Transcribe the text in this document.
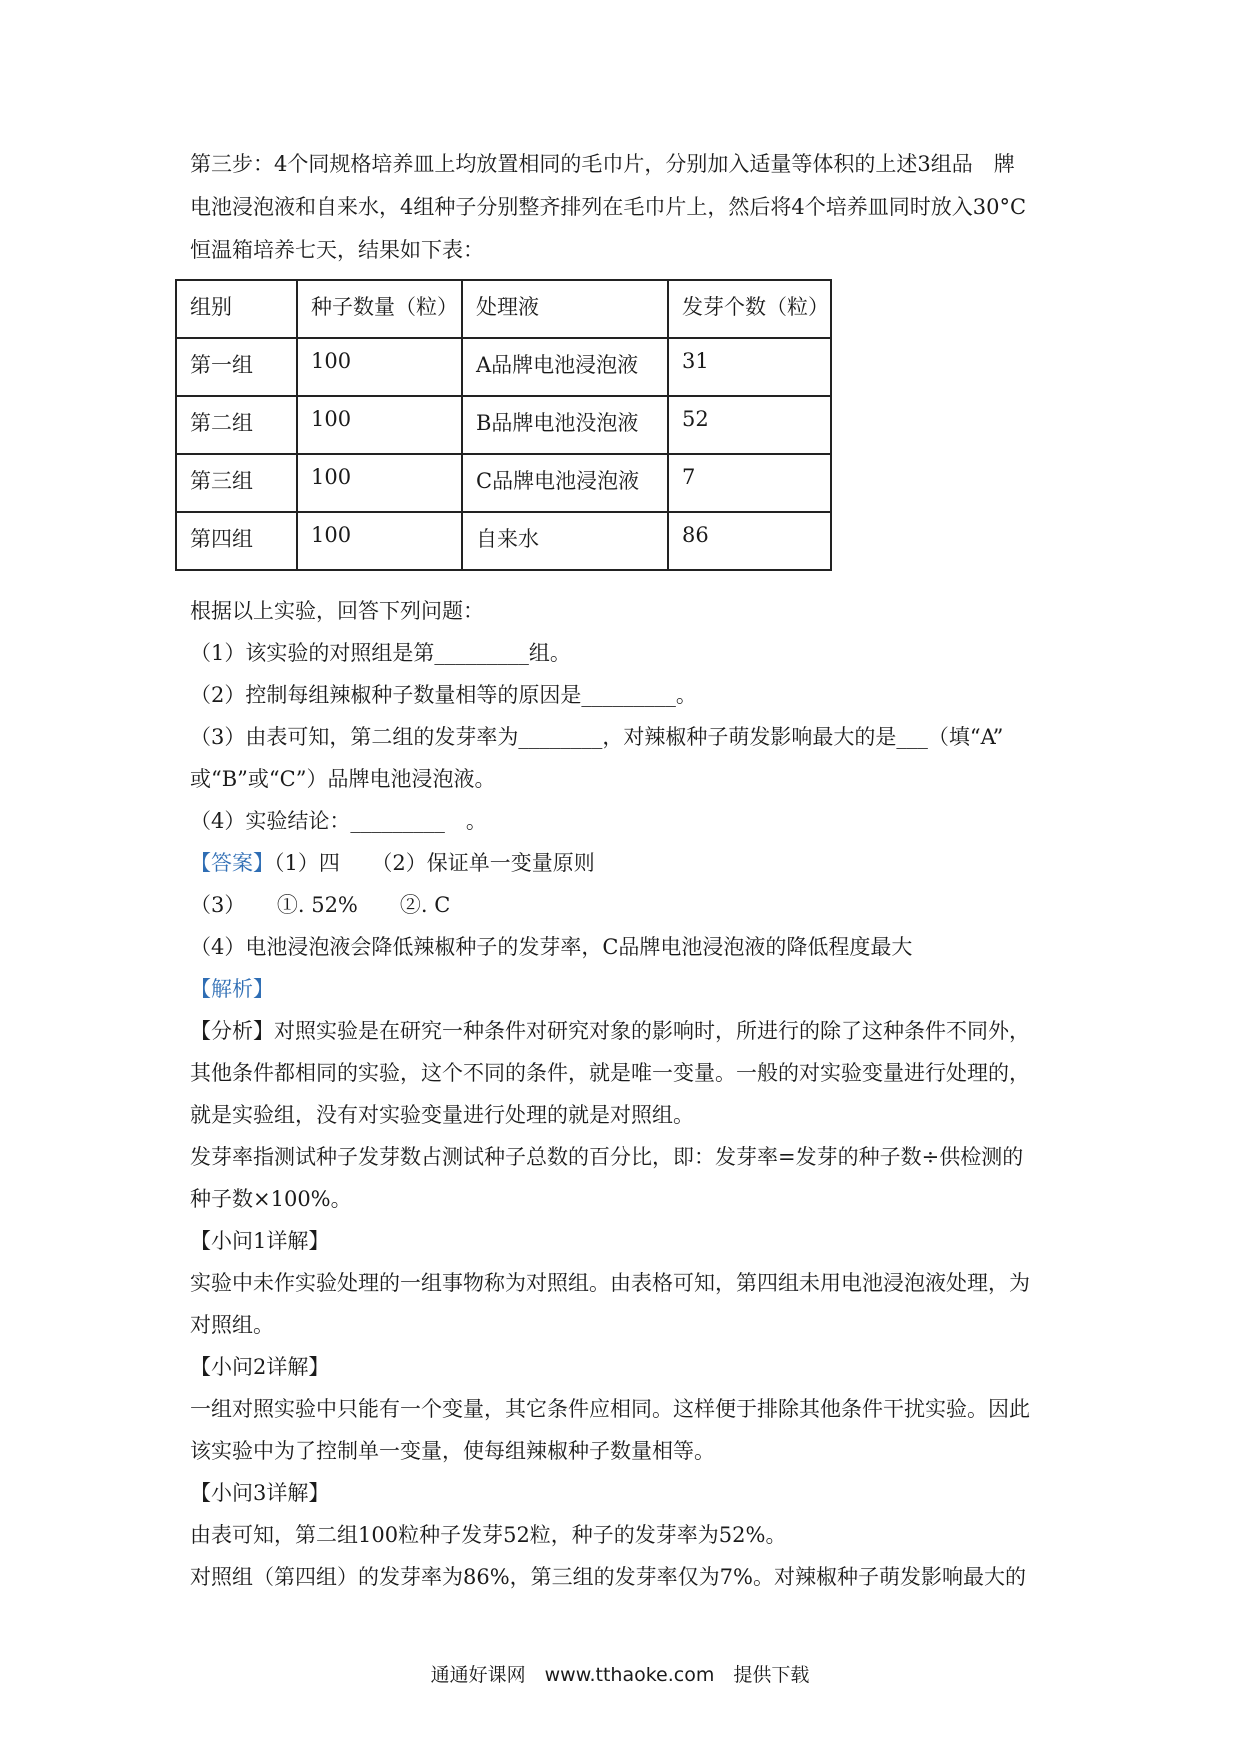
第三步：4个同规格培养皿上均放置相同的毛巾片，分别加入适量等体积的上述3组品　牌
电池浸泡液和自来水，4组种子分别整齐排列在毛巾片上，然后将4个培养皿同时放入30°C
恒温箱培养七天，结果如下表：
组别	种子数量（粒）	处理液	发芽个数（粒）
第一组	100	A品牌电池浸泡液	31
第二组	100	B品牌电池没泡液	52
第三组	100	C品牌电池浸泡液	7
第四组	100	自来水	86
根据以上实验，回答下列问题：
（1）该实验的对照组是第_________组。
（2）控制每组辣椒种子数量相等的原因是_________。
（3）由表可知，第二组的发芽率为________，对辣椒种子萌发影响最大的是___（填“A”
或“B”或“C”）品牌电池浸泡液。
（4）实验结论：_________　。
【答案】（1）四　　（2）保证单一变量原则
（3）　　①. 52%　　②. C
（4）电池浸泡液会降低辣椒种子的发芽率，C品牌电池浸泡液的降低程度最大
【解析】
【分析】对照实验是在研究一种条件对研究对象的影响时，所进行的除了这种条件不同外，
其他条件都相同的实验，这个不同的条件，就是唯一变量。一般的对实验变量进行处理的，
就是实验组，没有对实验变量进行处理的就是对照组。
发芽率指测试种子发芽数占测试种子总数的百分比，即：发芽率=发芽的种子数÷供检测的
种子数×100%。
【小问1详解】
实验中未作实验处理的一组事物称为对照组。由表格可知，第四组未用电池浸泡液处理，为
对照组。
【小问2详解】
一组对照实验中只能有一个变量，其它条件应相同。这样便于排除其他条件干扰实验。因此
该实验中为了控制单一变量，使每组辣椒种子数量相等。
【小问3详解】
由表可知，第二组100粒种子发芽52粒，种子的发芽率为52%。
对照组（第四组）的发芽率为86%，第三组的发芽率仅为7%。对辣椒种子萌发影响最大的
通通好课网　www.tthaoke.com　提供下载
